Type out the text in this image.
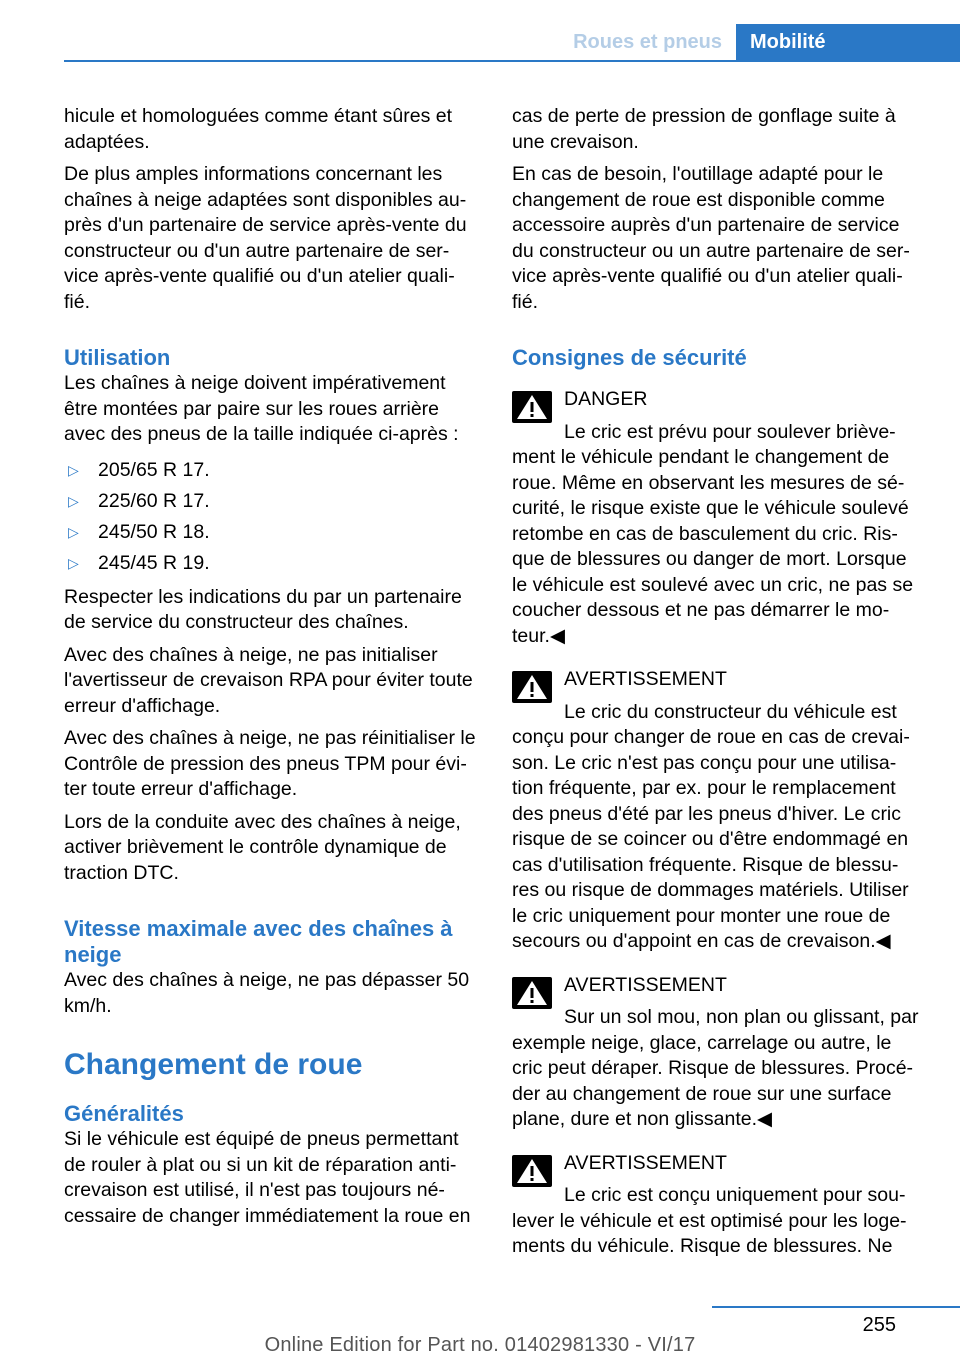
Roues et pneus	Mobilité

hicule et homologuées comme étant sûres et adaptées.

De plus amples informations concernant les chaînes à neige adaptées sont disponibles au-près d'un partenaire de service après-vente du constructeur ou d'un autre partenaire de ser-vice après-vente qualifié ou d'un atelier quali-fié.

Utilisation

Les chaînes à neige doivent impérativement être montées par paire sur les roues arrière avec des pneus de la taille indiquée ci-après :

▷ 205/65 R 17.
▷ 225/60 R 17.
▷ 245/50 R 18.
▷ 245/45 R 19.

Respecter les indications du par un partenaire de service du constructeur des chaînes.

Avec des chaînes à neige, ne pas initialiser l'avertisseur de crevaison RPA pour éviter toute erreur d'affichage.

Avec des chaînes à neige, ne pas réinitialiser le Contrôle de pression des pneus TPM pour évi-ter toute erreur d'affichage.

Lors de la conduite avec des chaînes à neige, activer brièvement le contrôle dynamique de traction DTC.

Vitesse maximale avec des chaînes à neige

Avec des chaînes à neige, ne pas dépasser 50 km/h.

Changement de roue
Généralités

Si le véhicule est équipé de pneus permettant de rouler à plat ou si un kit de réparation anti-crevaison est utilisé, il n'est pas toujours né-cessaire de changer immédiatement la roue en

cas de perte de pression de gonflage suite à une crevaison.

En cas de besoin, l'outillage adapté pour le changement de roue est disponible comme accessoire auprès d'un partenaire de service du constructeur ou un autre partenaire de ser-vice après-vente qualifié ou d'un atelier quali-fié.

Consignes de sécurité
DANGER

Le cric est prévu pour soulever briève- ment le véhicule pendant le changement de roue. Même en observant les mesures de sé-curité, le risque existe que le véhicule soulevé retombe en cas de basculement du cric. Ris-que de blessures ou danger de mort. Lorsque le véhicule est soulevé avec un cric, ne pas se coucher dessous et ne pas démarrer le mo-teur.◀

AVERTISSEMENT

Le cric du constructeur du véhicule est conçu pour changer de roue en cas de crevai-son. Le cric n'est pas conçu pour une utilisa-tion fréquente, par ex. pour le remplacement des pneus d'été par les pneus d'hiver. Le cric risque de se coincer ou d'être endommagé en cas d'utilisation fréquente. Risque de blessu-res ou risque de dommages matériels. Utiliser le cric uniquement pour monter une roue de secours ou d'appoint en cas de crevaison.◀

AVERTISSEMENT

Sur un sol mou, non plan ou glissant, par exemple neige, glace, carrelage ou autre, le cric peut déraper. Risque de blessures. Procé-der au changement de roue sur une surface plane, dure et non glissante.◀

AVERTISSEMENT

Le cric est conçu uniquement pour sou- lever le véhicule et est optimisé pour les loge-ments du véhicule. Risque de blessures. Ne

255
Online Edition for Part no. 01402981330 - VI/17
